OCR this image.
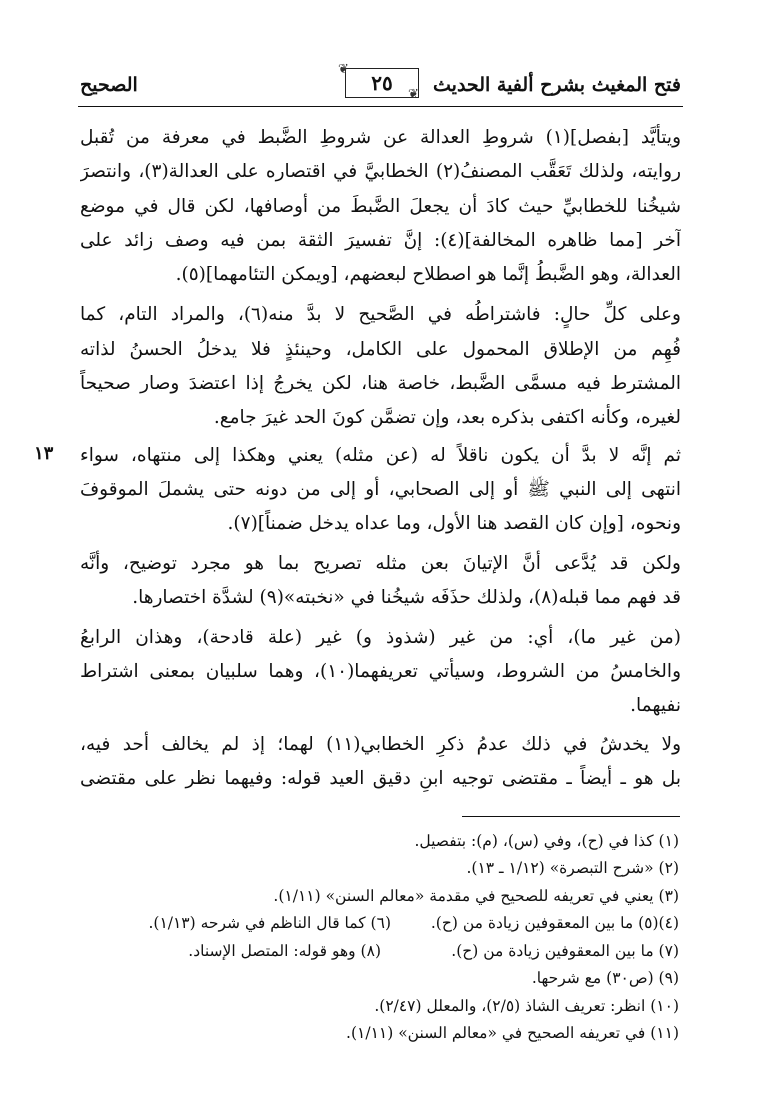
فتح المغيث بشرح ألفية الحديث
٢٥
❦
❦
الصحيح
ويتأيَّد [بفصل](١) شروطِ العدالة عن شروطِ الضَّبط في معرفة من تُقبل
روايته، ولذلك تَعَقَّب المصنفُ(٢) الخطابيَّ في اقتصاره على العدالة(٣)، وانتصرَ
شيخُنا للخطابيِّ حيث كادَ أن يجعلَ الضَّبطَ من أوصافها، لكن قال في موضع
آخر [مما ظاهره المخالفة](٤): إنَّ تفسيرَ الثقة بمن فيه وصف زائد على
العدالة، وهو الضَّبطُ إنَّما هو اصطلاح لبعضهم، [ويمكن التئامهما](٥).
وعلى كلِّ حالٍ: فاشتراطُه في الصَّحيح لا بدَّ منه(٦)، والمراد التام، كما
فُهِم من الإطلاق المحمول على الكامل، وحينئذٍ فلا يدخلُ الحسنُ لذاته
المشترط فيه مسمَّى الضَّبط، خاصة هنا، لكن يخرجُ إذا اعتضدَ وصار صحيحاً
لغيره، وكأنه اكتفى بذكره بعد، وإن تضمَّن كونَ الحد غيرَ جامع.
١٣ ثم إنَّه لا بدَّ أن يكون ناقلاً له (عن مثله) يعني وهكذا إلى منتهاه، سواء
انتهى إلى النبي ﷺ أو إلى الصحابي، أو إلى من دونه حتى يشملَ الموقوفَ
ونحوه، [وإن كان القصد هنا الأول، وما عداه يدخل ضمناً](٧).
ولكن قد يُدَّعى أنَّ الإتيانَ بعن مثله تصريح بما هو مجرد توضيح، وأنَّه
قد فهم مما قبله(٨)، ولذلك حذَفَه شيخُنا في «نخبته»(٩) لشدَّة اختصارها.
(من غير ما)، أي: من غير (شذوذ و) غير (علة قادحة)، وهذان الرابعُ
والخامسُ من الشروط، وسيأتي تعريفهما(١٠)، وهما سلبيان بمعنى اشتراط
نفيهما.
ولا يخدشُ في ذلك عدمُ ذكرِ الخطابي(١١) لهما؛ إذ لم يخالف أحد فيه،
بل هو ـ أيضاً ـ مقتضى توجيه ابنِ دقيق العيد قوله: وفيهما نظر على مقتضى
(١) كذا في (ح)، وفي (س)، (م): بتفصيل.
(٢) «شرح التبصرة» (١/١٢ ـ ١٣).
(٣) يعني في تعريفه للصحيح في مقدمة «معالم السنن» (١/١١).
(٤)(٥) ما بين المعقوفين زيادة من (ح).
(٦) كما قال الناظم في شرحه (١/١٣).
(٧) ما بين المعقوفين زيادة من (ح).
(٨) وهو قوله: المتصل الإسناد.
(٩) (ص٣٠) مع شرحها.
(١٠) انظر: تعريف الشاذ (٢/٥)، والمعلل (٢/٤٧).
(١١) في تعريفه الصحيح في «معالم السنن» (١/١١).
